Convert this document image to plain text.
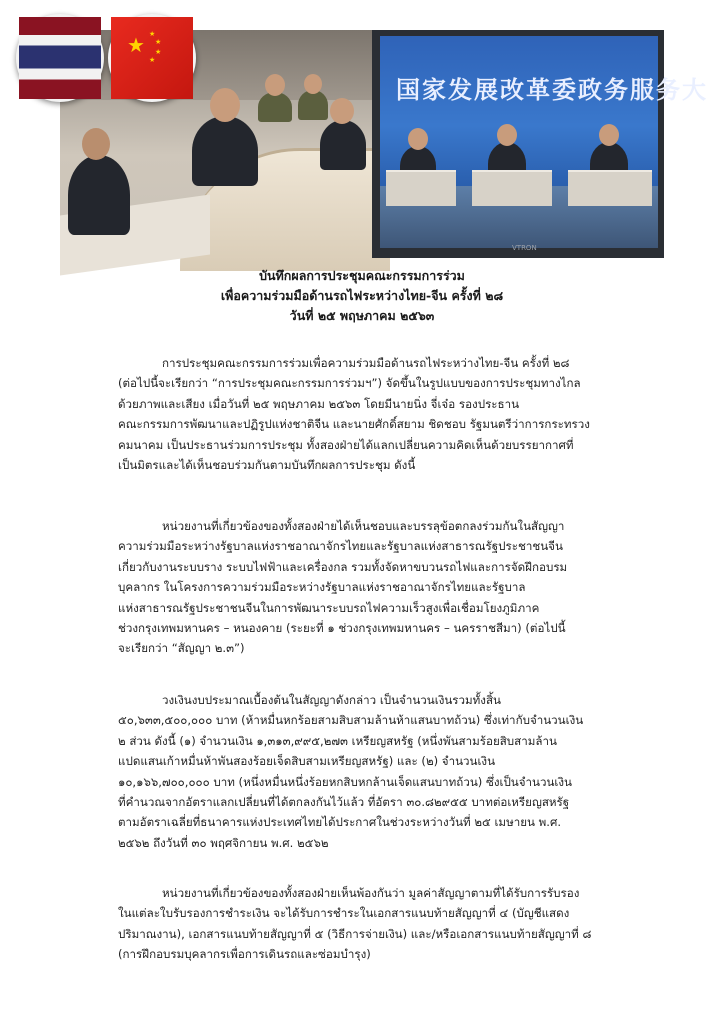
国家发展改革委政务服务大
VTRON
★ ★
★
★
★
บันทึกผลการประชุมคณะกรรมการร่วม
เพื่อความร่วมมือด้านรถไฟระหว่างไทย-จีน ครั้งที่ ๒๘
วันที่ ๒๕ พฤษภาคม ๒๕๖๓

การประชุมคณะกรรมการร่วมเพื่อความร่วมมือด้านรถไฟระหว่างไทย-จีน ครั้งที่ ๒๘
(ต่อไปนี้จะเรียกว่า “การประชุมคณะกรรมการร่วมฯ”) จัดขึ้นในรูปแบบของการประชุมทางไกล
ด้วยภาพและเสียง เมื่อวันที่ ๒๕ พฤษภาคม ๒๕๖๓ โดยมีนายนิ่ง จี่เจ๋อ รองประธาน
คณะกรรมการพัฒนาและปฏิรูปแห่งชาติจีน และนายศักดิ์สยาม ชิดชอบ รัฐมนตรีว่าการกระทรวง
คมนาคม เป็นประธานร่วมการประชุม ทั้งสองฝ่ายได้แลกเปลี่ยนความคิดเห็นด้วยบรรยากาศที่
เป็นมิตรและได้เห็นชอบร่วมกันตามบันทึกผลการประชุม ดังนี้

หน่วยงานที่เกี่ยวข้องของทั้งสองฝ่ายได้เห็นชอบและบรรลุข้อตกลงร่วมกันในสัญญา
ความร่วมมือระหว่างรัฐบาลแห่งราชอาณาจักรไทยและรัฐบาลแห่งสาธารณรัฐประชาชนจีน
เกี่ยวกับงานระบบราง ระบบไฟฟ้าและเครื่องกล รวมทั้งจัดหาขบวนรถไฟและการจัดฝึกอบรม
บุคลากร ในโครงการความร่วมมือระหว่างรัฐบาลแห่งราชอาณาจักรไทยและรัฐบาล
แห่งสาธารณรัฐประชาชนจีนในการพัฒนาระบบรถไฟความเร็วสูงเพื่อเชื่อมโยงภูมิภาค
ช่วงกรุงเทพมหานคร – หนองคาย (ระยะที่ ๑ ช่วงกรุงเทพมหานคร – นครราชสีมา) (ต่อไปนี้
จะเรียกว่า “สัญญา ๒.๓”)

วงเงินงบประมาณเบื้องต้นในสัญญาดังกล่าว เป็นจำนวนเงินรวมทั้งสิ้น
๕๐,๖๓๓,๕๐๐,๐๐๐ บาท (ห้าหมื่นหกร้อยสามสิบสามล้านห้าแสนบาทถ้วน) ซึ่งเท่ากับจำนวนเงิน
๒ ส่วน ดังนี้ (๑) จำนวนเงิน ๑,๓๑๓,๙๙๕,๒๗๓ เหรียญสหรัฐ (หนึ่งพันสามร้อยสิบสามล้าน
แปดแสนเก้าหมื่นห้าพันสองร้อยเจ็ดสิบสามเหรียญสหรัฐ) และ (๒) จำนวนเงิน
๑๐,๑๖๖,๗๐๐,๐๐๐ บาท (หนึ่งหมื่นหนึ่งร้อยหกสิบหกล้านเจ็ดแสนบาทถ้วน) ซึ่งเป็นจำนวนเงิน
ที่คำนวณจากอัตราแลกเปลี่ยนที่ได้ตกลงกันไว้แล้ว ที่อัตรา ๓๐.๘๒๙๕๕ บาทต่อเหรียญสหรัฐ
ตามอัตราเฉลี่ยที่ธนาคารแห่งประเทศไทยได้ประกาศในช่วงระหว่างวันที่ ๒๕ เมษายน พ.ศ.
๒๕๖๒ ถึงวันที่ ๓๐ พฤศจิกายน พ.ศ. ๒๕๖๒

หน่วยงานที่เกี่ยวข้องของทั้งสองฝ่ายเห็นพ้องกันว่า มูลค่าสัญญาตามที่ได้รับการรับรอง
ในแต่ละใบรับรองการชำระเงิน จะได้รับการชำระในเอกสารแนบท้ายสัญญาที่ ๔ (บัญชีแสดง
ปริมาณงาน), เอกสารแนบท้ายสัญญาที่ ๕ (วิธีการจ่ายเงิน) และ/หรือเอกสารแนบท้ายสัญญาที่ ๘
(การฝึกอบรมบุคลากรเพื่อการเดินรถและซ่อมบำรุง)
